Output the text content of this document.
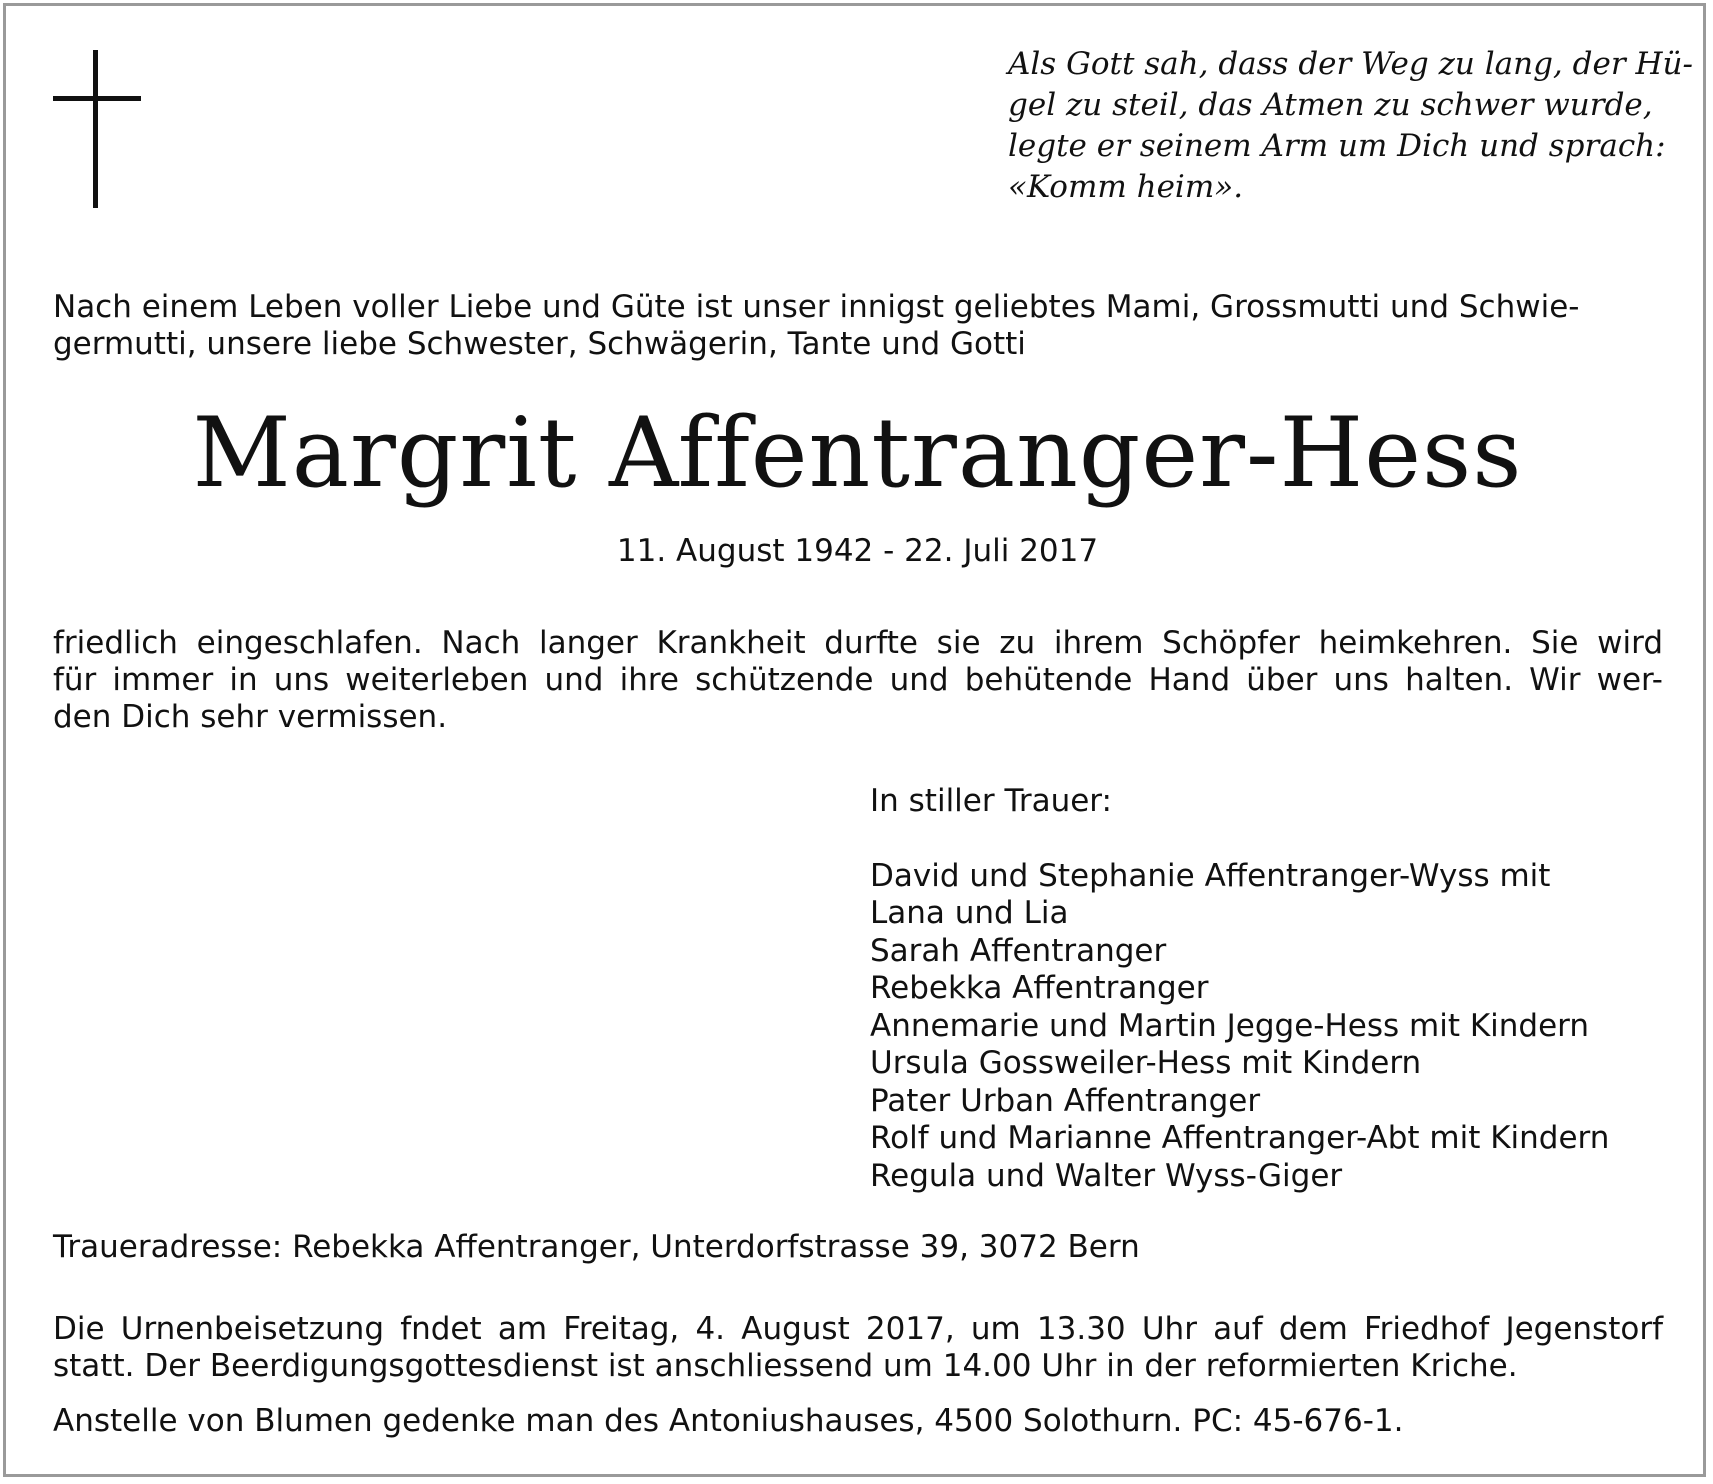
Als Gott sah, dass der Weg zu lang, der Hü-
gel zu steil, das Atmen zu schwer wurde,
legte er seinem Arm um Dich und sprach:
«Komm heim».
Nach einem Leben voller Liebe und Güte ist unser innigst geliebtes Mami, Grossmutti und Schwie-
germutti, unsere liebe Schwester, Schwägerin, Tante und Gotti
Margrit Affentranger-Hess
11. August 1942 - 22. Juli 2017
friedlich eingeschlafen. Nach langer Krankheit durfte sie zu ihrem Schöpfer heimkehren. Sie wird
für immer in uns weiterleben und ihre schützende und behütende Hand über uns halten. Wir wer-
den Dich sehr vermissen.
In stiller Trauer:
David und Stephanie Affentranger-Wyss mit
Lana und Lia
Sarah Affentranger
Rebekka Affentranger
Annemarie und Martin Jegge-Hess mit Kindern
Ursula Gossweiler-Hess mit Kindern
Pater Urban Affentranger
Rolf und Marianne Affentranger-Abt mit Kindern
Regula und Walter Wyss-Giger
Traueradresse: Rebekka Affentranger, Unterdorfstrasse 39, 3072 Bern
Die Urnenbeisetzung fndet am Freitag, 4. August 2017, um 13.30 Uhr auf dem Friedhof Jegenstorf
statt. Der Beerdigungsgottesdienst ist anschliessend um 14.00 Uhr in der reformierten Kriche.
Anstelle von Blumen gedenke man des Antoniushauses, 4500 Solothurn. PC: 45-676-1.
